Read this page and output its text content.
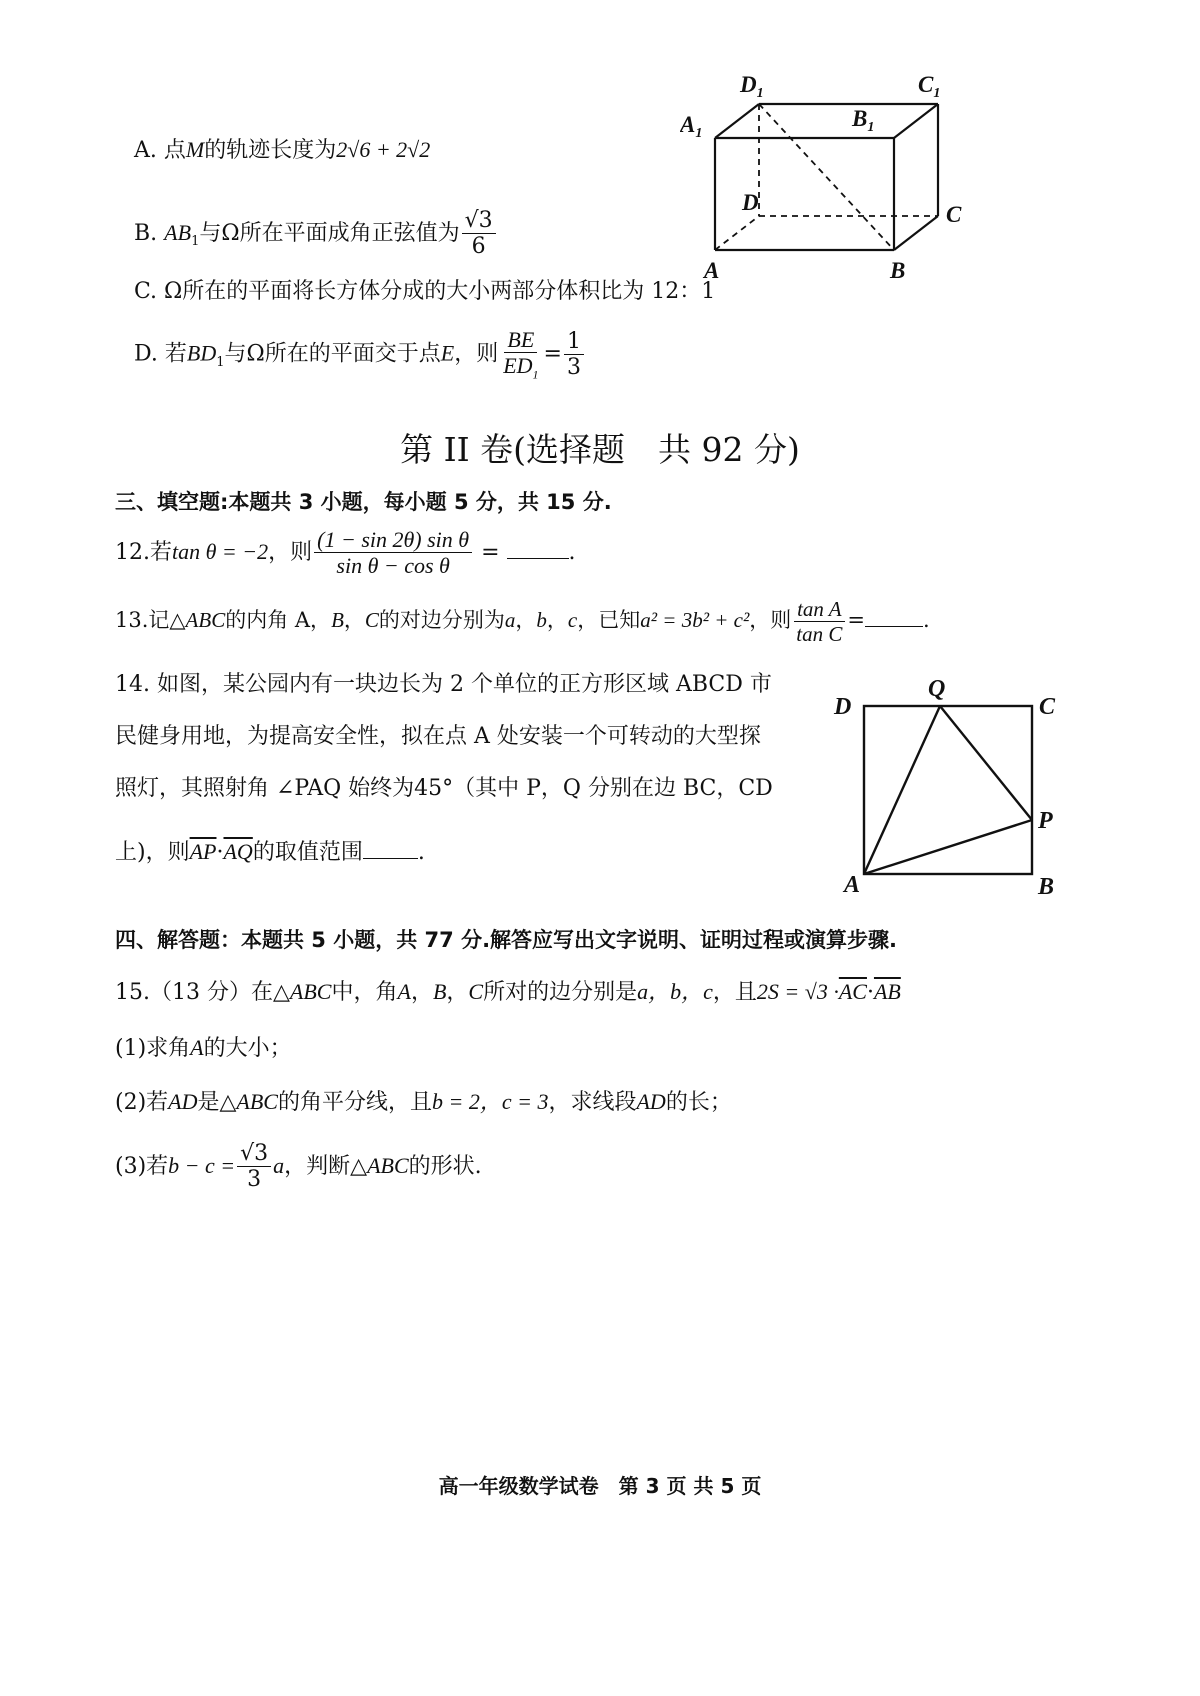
A. 点M的轨迹长度为2√6 + 2√2
B. $AB_1$与Ω所在平面成角正弦值为 $\frac{√3}{6}$
C. Ω所在的平面将长方体分成的大小两部分体积比为 12：1
D. 若$BD_1$与Ω所在的平面交于点E，则 $\frac{BE}{ED_1} = \frac{1}{3}$
A	B
C
D
$A_1$
$B_1$
$C_1$
$D_1$
第 II 卷(选择题　共 92 分)
三、填空题:本题共 3 小题，每小题 5 分，共 15 分.
12.若tan θ = −2，则 $\frac{\text{(1 − sin 2θ) sin θ}}{\text{sin θ − cos θ}}$ =	.
13.记△ABC的内角 A，B，C的对边分别为a，b，c，已知a² = 3b² + c²，则 $\frac{\text{tan A}}{\text{tan C}}$ =	.
14. 如图，某公园内有一块边长为 2 个单位的正方形区域 ABCD 市
民健身用地，为提高安全性，拟在点 A 处安装一个可转动的大型探
照灯，其照射角 ∠PAQ 始终为45°（其中 P，Q 分别在边 BC，CD
上)，则$\overline{AP}\cdot\overline{AQ}$的取值范围	.
A	B
C
D
P
Q
四、解答题：本题共 5 小题，共 77 分.解答应写出文字说明、证明过程或演算步骤.
15.（13 分）在△ABC中，角A，B，C所对的边分别是a，b，c，且$2S = √3 \cdot\overline{AC}\cdot\overline{AB}$
(1)求角A的大小；
(2)若AD是△ABC的角平分线，且b = 2，c = 3，求线段AD的长；
(3)若$b - c = \frac{√3}{3}$ a，判断△ABC的形状.
高一年级数学试卷　第 3 页 共 5 页
